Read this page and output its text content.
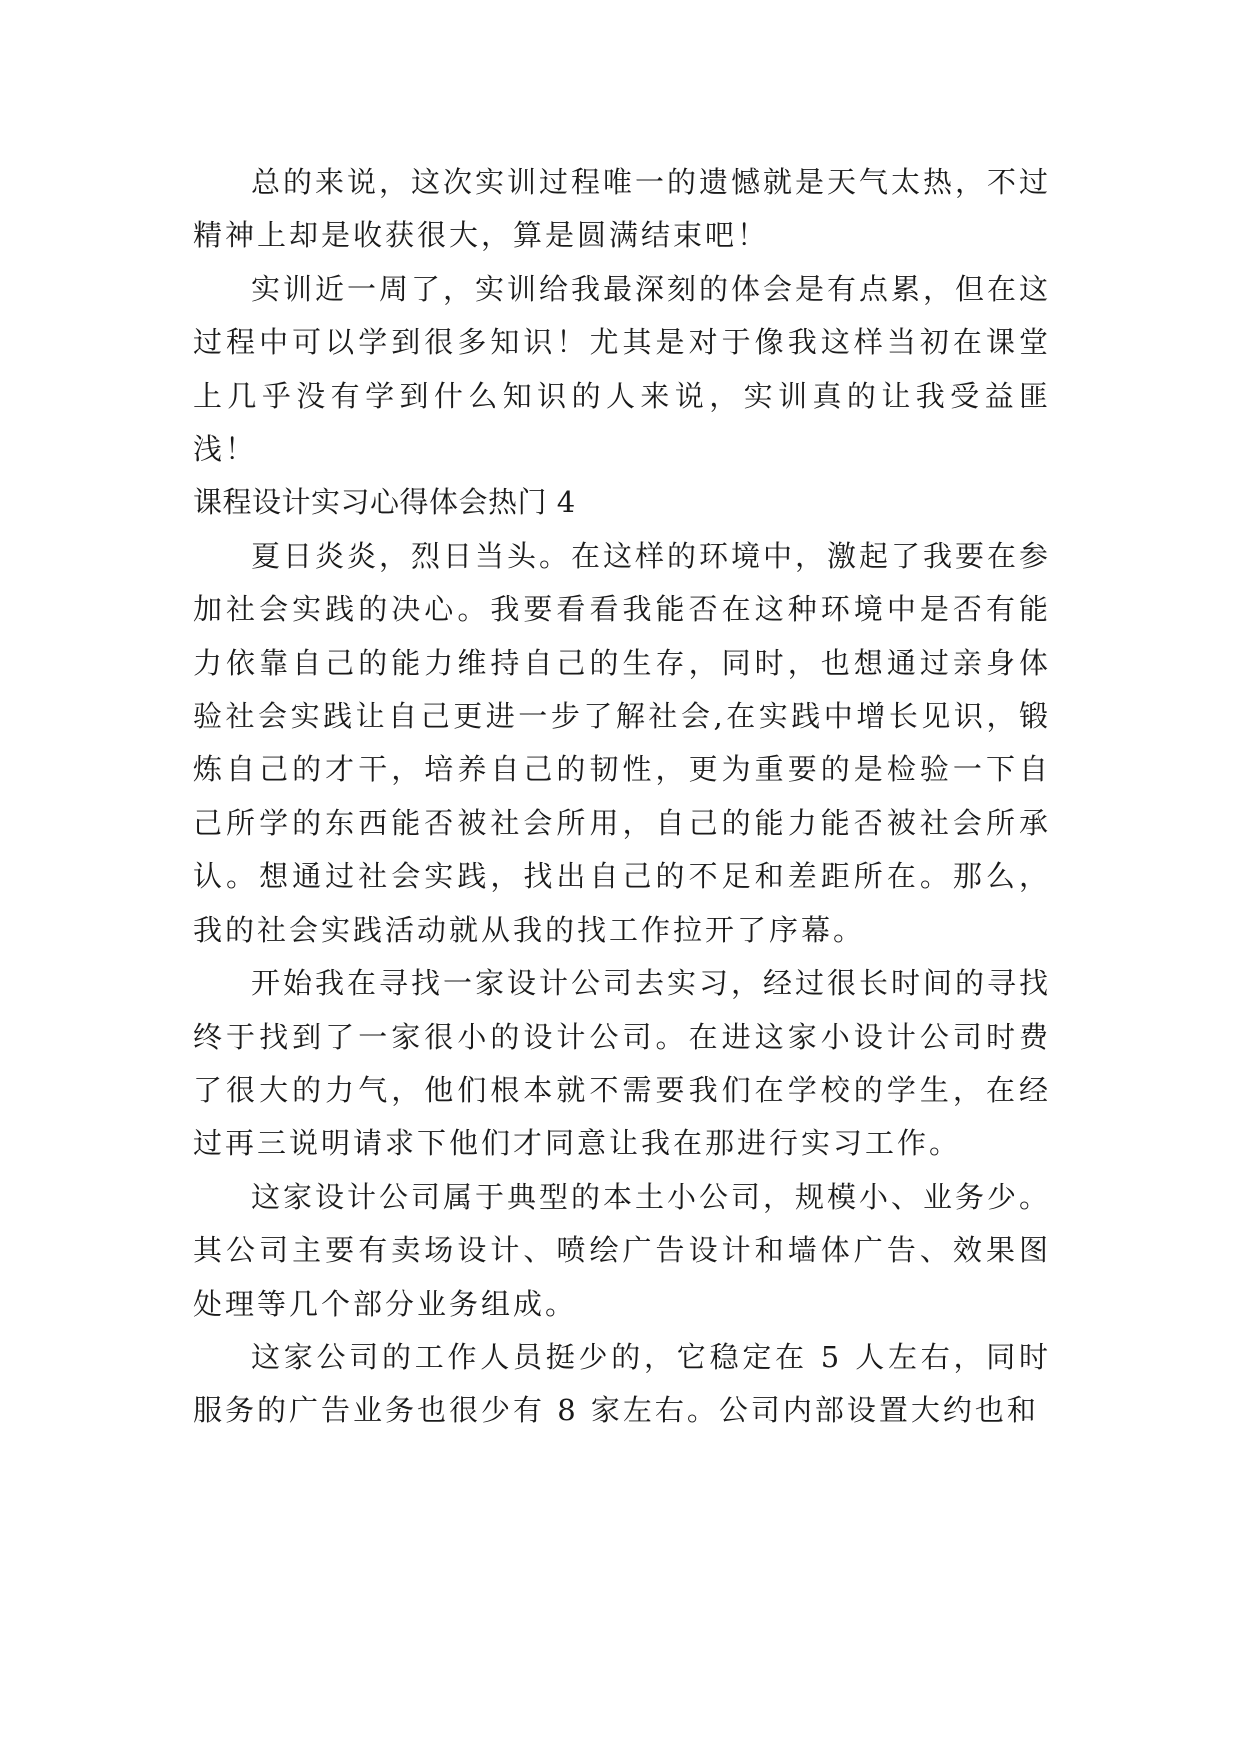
总的来说，这次实训过程唯一的遗憾就是天气太热，不过精神上却是收获很大，算是圆满结束吧！

实训近一周了，实训给我最深刻的体会是有点累，但在这过程中可以学到很多知识！尤其是对于像我这样当初在课堂上几乎没有学到什么知识的人来说，实训真的让我受益匪浅！

课程设计实习心得体会热门 4

夏日炎炎，烈日当头。在这样的环境中，激起了我要在参加社会实践的决心。我要看看我能否在这种环境中是否有能力依靠自己的能力维持自己的生存，同时，也想通过亲身体验社会实践让自己更进一步了解社会,在实践中增长见识，锻炼自己的才干，培养自己的韧性，更为重要的是检验一下自己所学的东西能否被社会所用，自己的能力能否被社会所承认。想通过社会实践，找出自己的不足和差距所在。那么，我的社会实践活动就从我的找工作拉开了序幕。

开始我在寻找一家设计公司去实习，经过很长时间的寻找终于找到了一家很小的设计公司。在进这家小设计公司时费了很大的力气，他们根本就不需要我们在学校的学生，在经过再三说明请求下他们才同意让我在那进行实习工作。

这家设计公司属于典型的本土小公司，规模小、业务少。其公司主要有卖场设计、喷绘广告设计和墙体广告、效果图处理等几个部分业务组成。

这家公司的工作人员挺少的，它稳定在 5 人左右，同时服务的广告业务也很少有 8 家左右。公司内部设置大约也和
